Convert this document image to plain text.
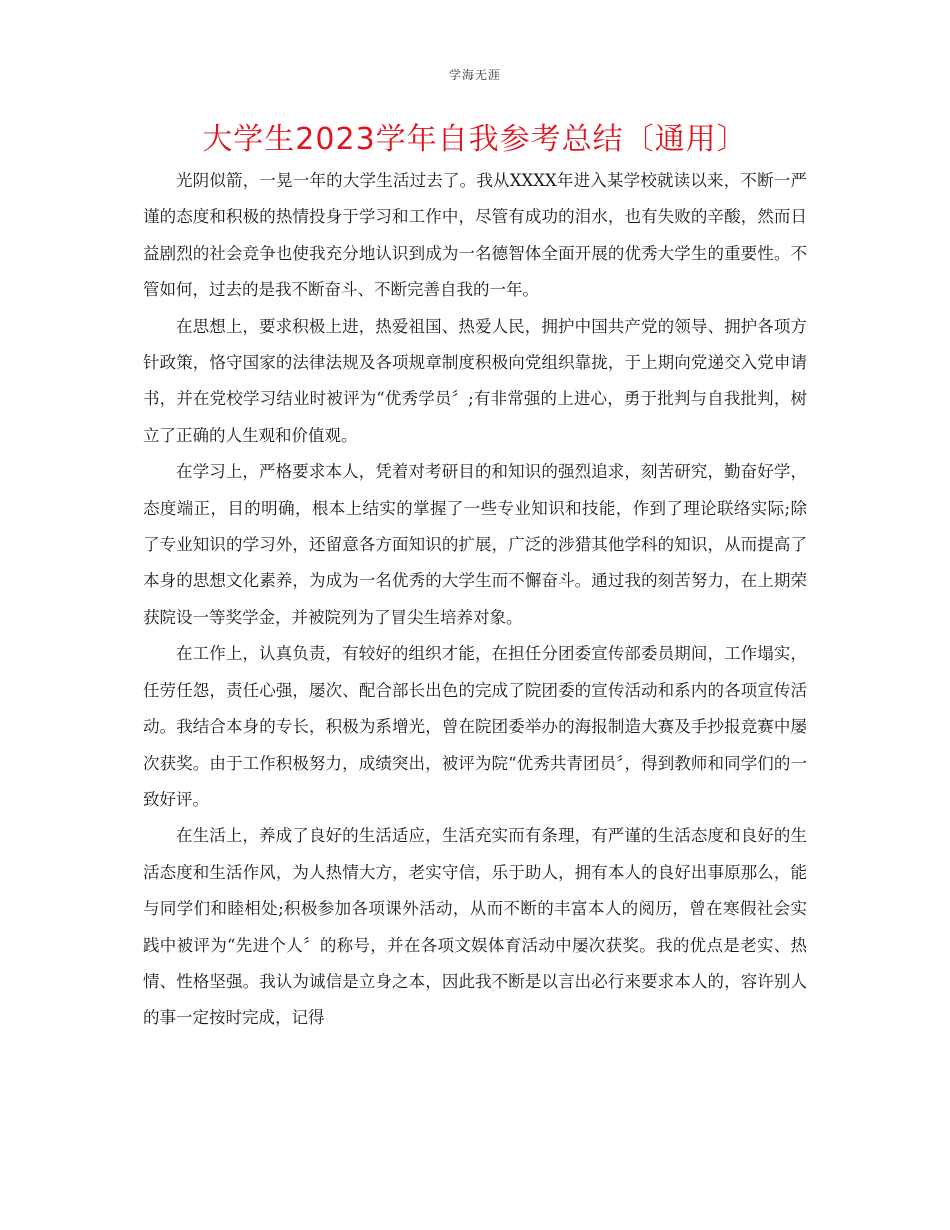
学海无涯
大学生2023学年自我参考总结〔通用〕

光阴似箭，一晃一年的大学生活过去了。我从XXXX年进入某学校就读以来，不断一严谨的态度和积极的热情投身于学习和工作中，尽管有成功的泪水，也有失败的辛酸，然而日益剧烈的社会竞争也使我充分地认识到成为一名德智体全面开展的优秀大学生的重要性。不管如何，过去的是我不断奋斗、不断完善自我的一年。

在思想上，要求积极上进，热爱祖国、热爱人民，拥护中国共产党的领导、拥护各项方针政策，恪守国家的法律法规及各项规章制度积极向党组织靠拢，于上期向党递交入党申请书，并在党校学习结业时被评为“优秀学员〞;有非常强的上进心，勇于批判与自我批判，树立了正确的人生观和价值观。

在学习上，严格要求本人，凭着对考研目的和知识的强烈追求，刻苦研究，勤奋好学，态度端正，目的明确，根本上结实的掌握了一些专业知识和技能，作到了理论联络实际;除了专业知识的学习外，还留意各方面知识的扩展，广泛的涉猎其他学科的知识，从而提高了本身的思想文化素养，为成为一名优秀的大学生而不懈奋斗。通过我的刻苦努力，在上期荣获院设一等奖学金，并被院列为了冒尖生培养对象。

在工作上，认真负责，有较好的组织才能，在担任分团委宣传部委员期间，工作塌实，任劳任怨，责任心强，屡次、配合部长出色的完成了院团委的宣传活动和系内的各项宣传活动。我结合本身的专长，积极为系增光，曾在院团委举办的海报制造大赛及手抄报竞赛中屡次获奖。由于工作积极努力，成绩突出，被评为院“优秀共青团员〞，得到教师和同学们的一致好评。

在生活上，养成了良好的生活适应，生活充实而有条理，有严谨的生活态度和良好的生活态度和生活作风，为人热情大方，老实守信，乐于助人，拥有本人的良好出事原那么，能与同学们和睦相处;积极参加各项课外活动，从而不断的丰富本人的阅历，曾在寒假社会实践中被评为“先进个人〞的称号，并在各项文娱体育活动中屡次获奖。我的优点是老实、热情、性格坚强。我认为诚信是立身之本，因此我不断是以言出必行来要求本人的，容许别人的事一定按时完成，记得
